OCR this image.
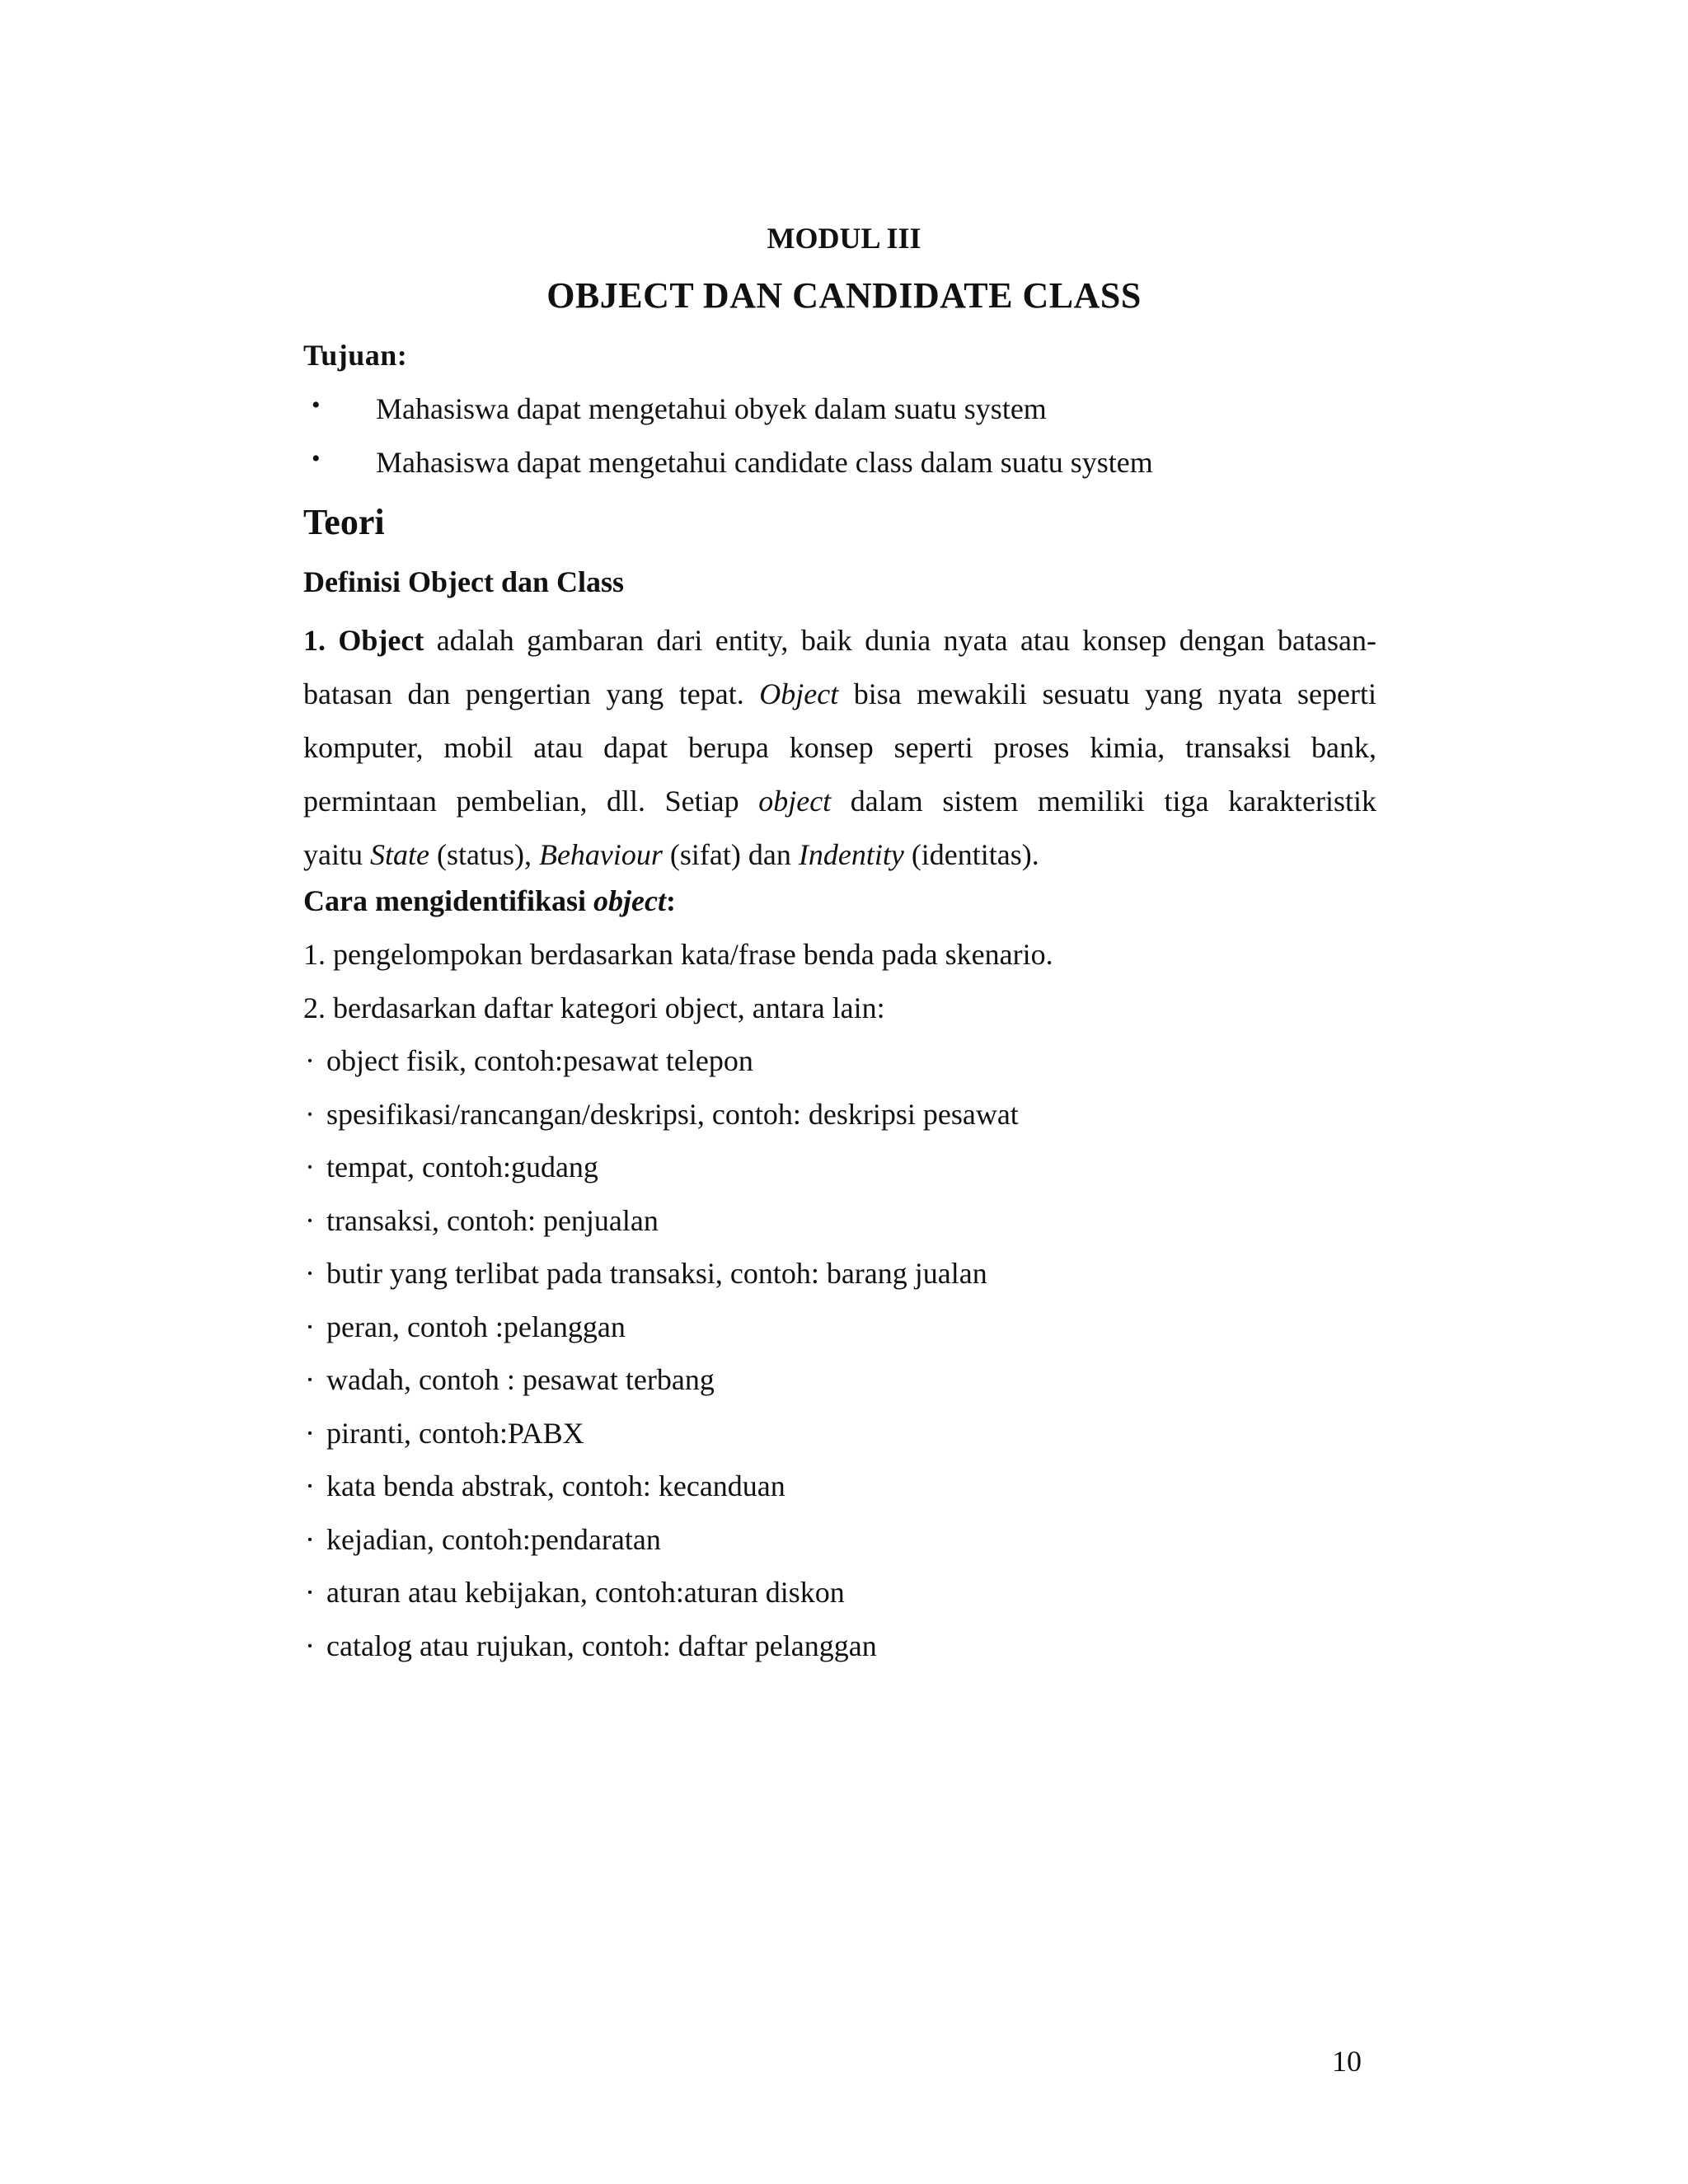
MODUL III
OBJECT DAN CANDIDATE CLASS
Tujuan:
• Mahasiswa dapat mengetahui obyek dalam suatu system
• Mahasiswa dapat mengetahui candidate class dalam suatu system
Teori
Definisi Object dan Class
1. Object adalah gambaran dari entity, baik dunia nyata atau konsep dengan batasan-
batasan dan pengertian yang tepat. Object bisa mewakili sesuatu yang nyata seperti
komputer, mobil atau dapat berupa konsep seperti proses kimia, transaksi bank,
permintaan pembelian, dll. Setiap object dalam sistem memiliki tiga karakteristik
yaitu State (status), Behaviour (sifat) dan Indentity (identitas).
Cara mengidentifikasi object:
1. pengelompokan berdasarkan kata/frase benda pada skenario.
2. berdasarkan daftar kategori object, antara lain:
· object fisik, contoh:pesawat telepon
· spesifikasi/rancangan/deskripsi, contoh: deskripsi pesawat
· tempat, contoh:gudang
· transaksi, contoh: penjualan
· butir yang terlibat pada transaksi, contoh: barang jualan
· peran, contoh :pelanggan
· wadah, contoh : pesawat terbang
· piranti, contoh:PABX
· kata benda abstrak, contoh: kecanduan
· kejadian, contoh:pendaratan
· aturan atau kebijakan, contoh:aturan diskon
· catalog atau rujukan, contoh: daftar pelanggan
10
